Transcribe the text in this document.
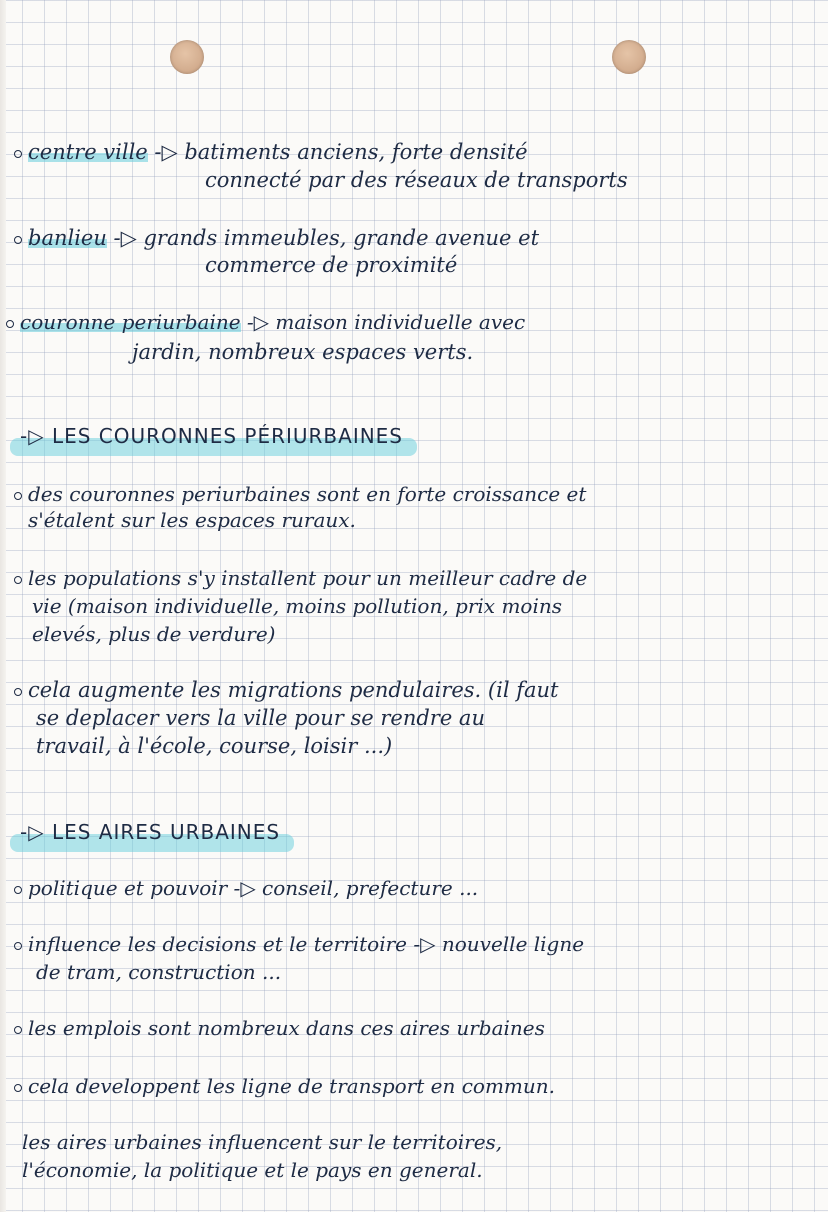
centre ville -▷ batiments anciens, forte densité

connecté par des réseaux de transports

banlieu -▷ grands immeubles, grande avenue et

commerce de proximité

couronne periurbaine -▷ maison individuelle avec

jardin, nombreux espaces verts.

-▷ LES COURONNES PÉRIURBAINES

des couronnes periurbaines sont en forte croissance et

s'étalent sur les espaces ruraux.

les populations s'y installent pour un meilleur cadre de

vie (maison individuelle, moins pollution, prix moins

elevés, plus de verdure)

cela augmente les migrations pendulaires. (il faut

se deplacer vers la ville pour se rendre au

travail, à l'école, course, loisir ...)

-▷ LES AIRES URBAINES

politique et pouvoir -▷ conseil, prefecture ...

influence les decisions et le territoire -▷ nouvelle ligne

de tram, construction ...

les emplois sont nombreux dans ces aires urbaines

cela developpent les ligne de transport en commun.

les aires urbaines influencent sur le territoires,

l'économie, la politique et le pays en general.
